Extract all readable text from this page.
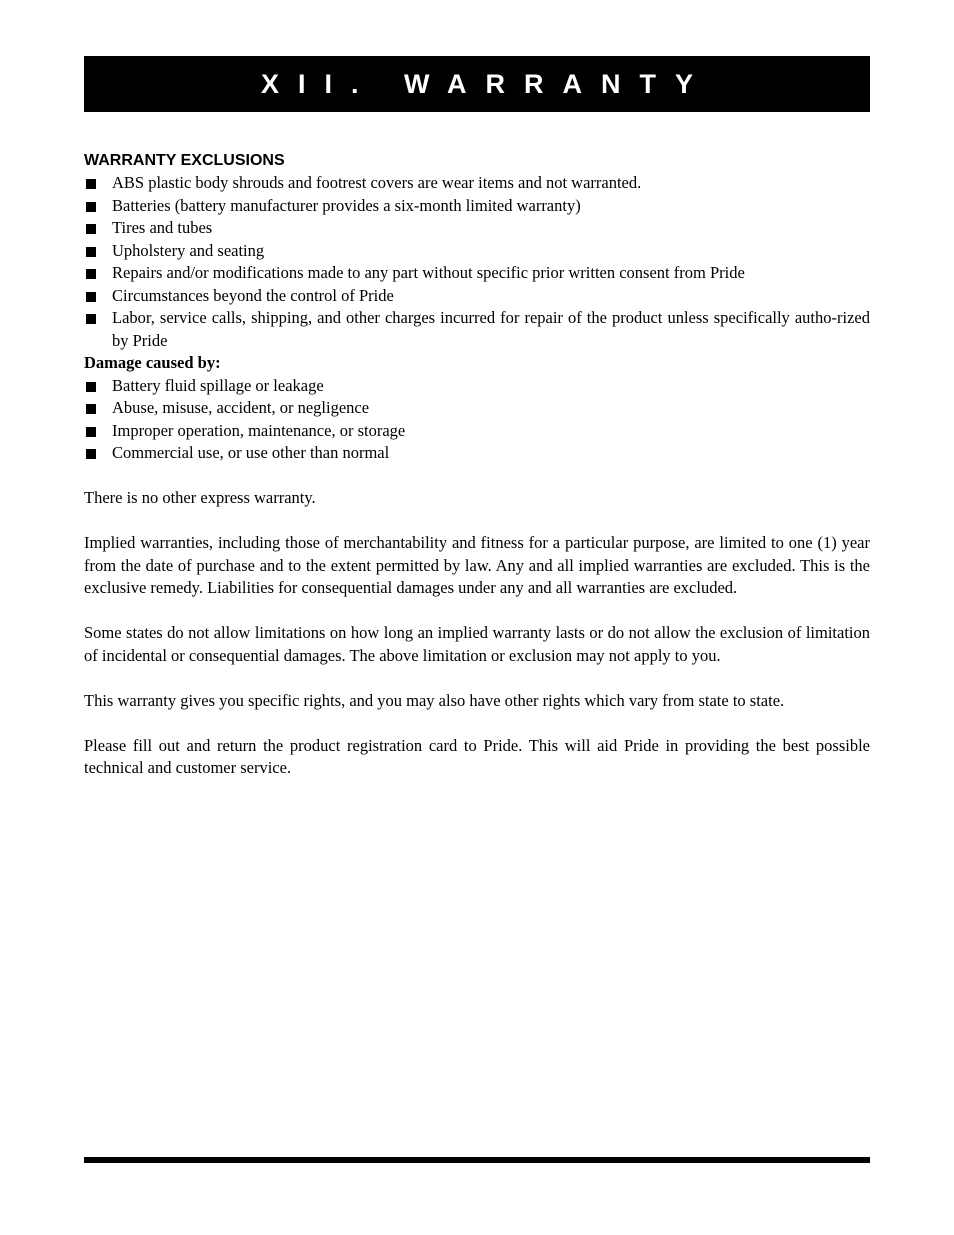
XII. WARRANTY
WARRANTY EXCLUSIONS
ABS plastic body shrouds and footrest covers are wear items and not warranted.
Batteries (battery manufacturer provides a six-month limited warranty)
Tires and tubes
Upholstery and seating
Repairs and/or modifications made to any part without specific prior written consent from Pride
Circumstances beyond the control of Pride
Labor, service calls, shipping, and other charges incurred for repair of the product unless specifically autho-rized by Pride

Damage caused by:

Battery fluid spillage or leakage
Abuse, misuse, accident, or negligence
Improper operation, maintenance, or storage
Commercial use, or use other than normal

There is no other express warranty.

Implied warranties, including those of merchantability and fitness for a particular purpose, are limited to one (1) year from the date of purchase and to the extent permitted by law. Any and all implied warranties are excluded. This is the exclusive remedy. Liabilities for consequential damages under any and all warranties are excluded.

Some states do not allow limitations on how long an implied warranty lasts or do not allow the exclusion of limitation of incidental or consequential damages. The above limitation or exclusion may not apply to you.

This warranty gives you specific rights, and you may also have other rights which vary from state to state.

Please fill out and return the product registration card to Pride. This will aid Pride in providing the best possible technical and customer service.
